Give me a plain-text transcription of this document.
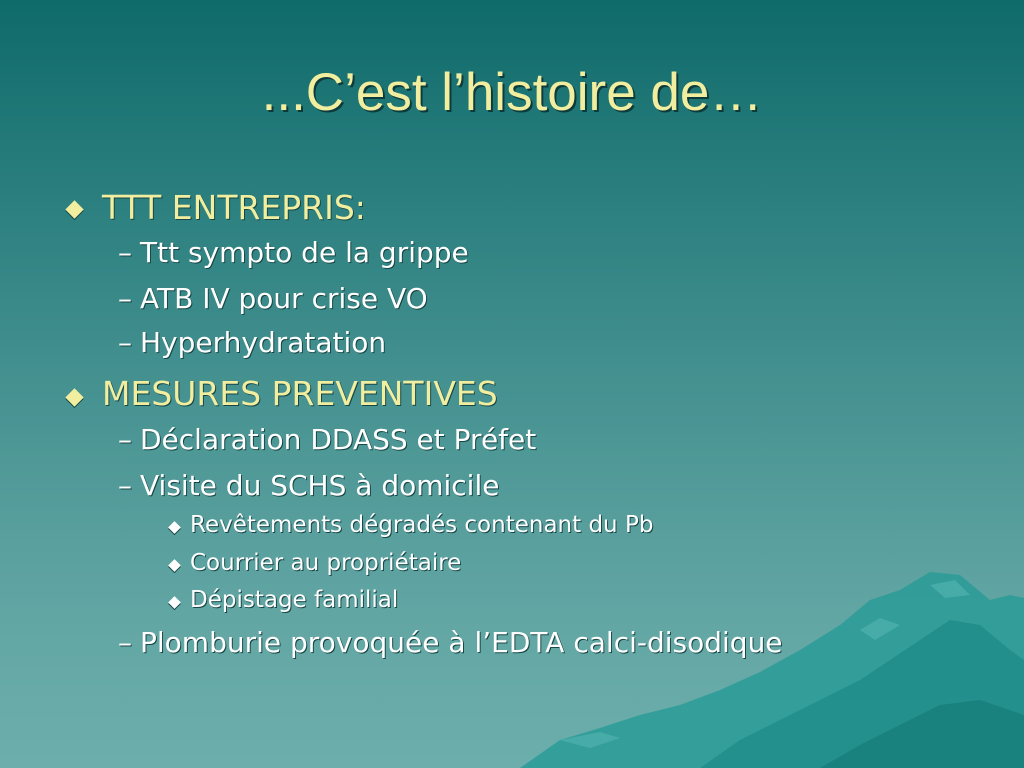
...C’est l’histoire de…
TTT ENTREPRIS:
– Ttt sympto de la grippe
– ATB IV pour crise VO
– Hyperhydratation
MESURES PREVENTIVES
– Déclaration DDASS et Préfet
– Visite du SCHS à domicile
Revêtements dégradés contenant du Pb
Courrier au propriétaire
Dépistage familial
– Plomburie provoquée à l’EDTA calci-disodique
